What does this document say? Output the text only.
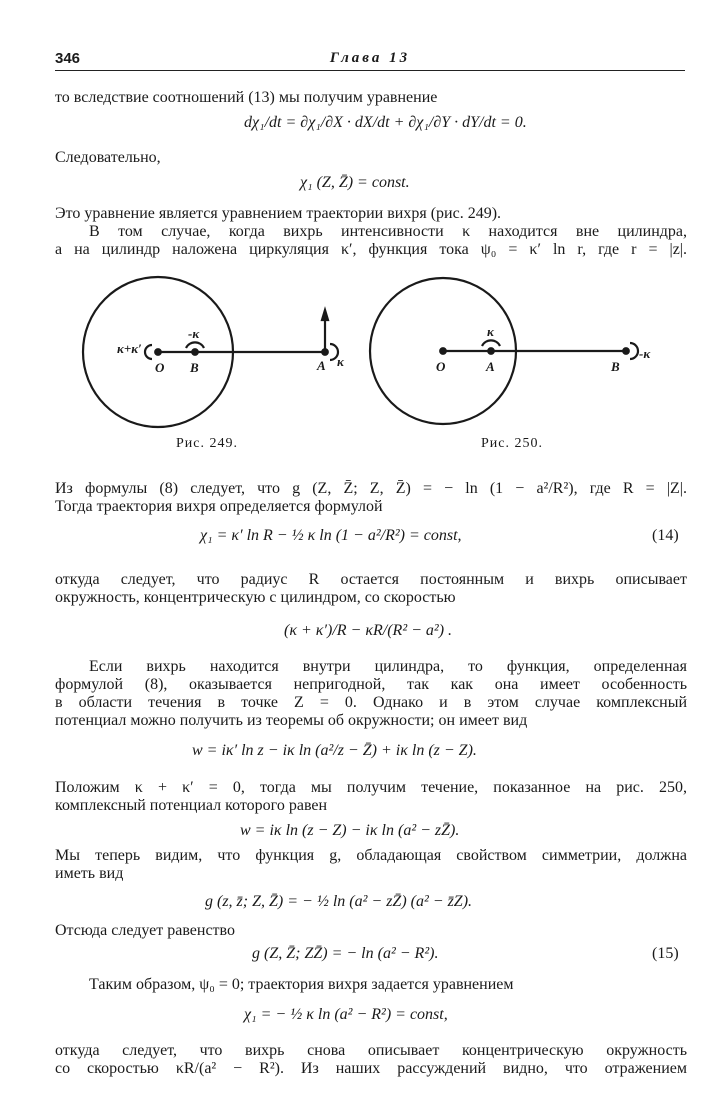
346	Глава 13
то вследствие соотношений (13) мы получим уравнение
dχ₁/dt = ∂χ₁/∂X · dX/dt + ∂χ₁/∂Y · dY/dt = 0.
Следовательно,
χ₁ (Z, Z̄) = const.
Это уравнение является уравнением траектории вихря (рис. 249).
В том случае, когда вихрь интенсивности κ находится вне цилиндра,
а на цилиндр наложена циркуляция κ′, функция тока ψ₀ = κ′ ln r, где r = |z|.
κ+κ′
-κ
O B	A κ
κ
O	A	B
-κ
Рис. 249.	Рис. 250.
Из формулы (8) следует, что g (Z, Z̄; Z, Z̄) = − ln (1 − a²/R²), где R = |Z|.
Тогда траектория вихря определяется формулой
χ₁ = κ′ ln R − ½ κ ln (1 − a²/R²) = const,	(14)
откуда следует, что радиус R остается постоянным и вихрь описывает
окружность, концентрическую с цилиндром, со скоростью
(κ + κ′)/R − κR/(R² − a²) .
Если вихрь находится внутри цилиндра, то функция, определенная
формулой (8), оказывается непригодной, так как она имеет особенность
в области течения в точке Z = 0. Однако и в этом случае комплексный
потенциал можно получить из теоремы об окружности; он имеет вид
w = iκ′ ln z − iκ ln (a²/z − Z̄) + iκ ln (z − Z).
Положим κ + κ′ = 0, тогда мы получим течение, показанное на рис. 250,
комплексный потенциал которого равен
w = iκ ln (z − Z) − iκ ln (a² − zZ̄).
Мы теперь видим, что функция g, обладающая свойством симметрии, должна
иметь вид
g (z, z̄; Z, Z̄) = − ½ ln (a² − zZ̄) (a² − z̄Z).
Отсюда следует равенство
g (Z, Z̄; ZZ̄) = − ln (a² − R²).	(15)
Таким образом, ψ₀ = 0; траектория вихря задается уравнением
χ₁ = − ½ κ ln (a² − R²) = const,
откуда следует, что вихрь снова описывает концентрическую окружность
со скоростью κR/(a² − R²). Из наших рассуждений видно, что отражением
